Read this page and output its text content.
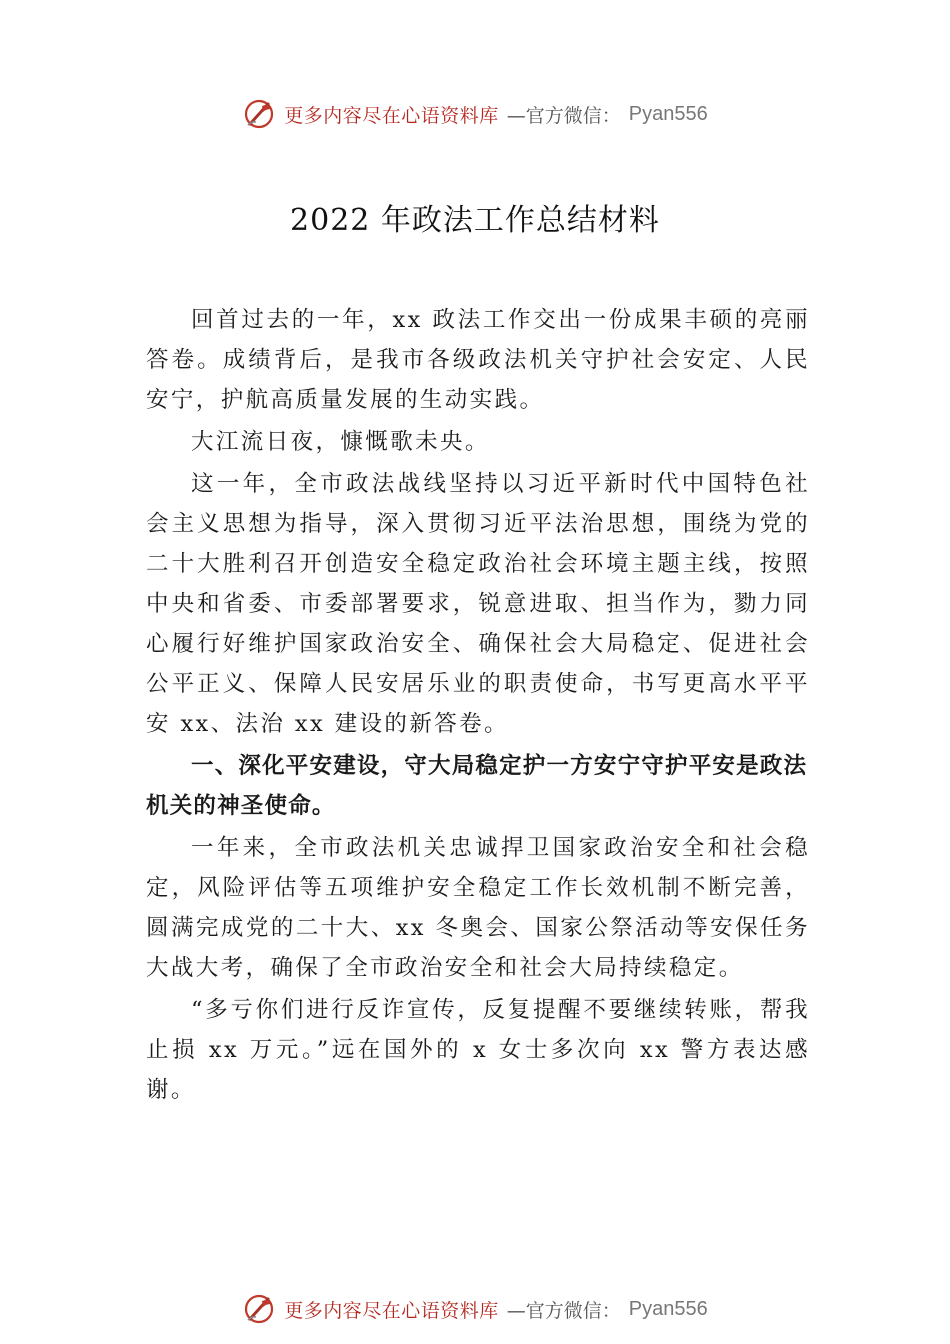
更多内容尽在心语资料库 —官方微信： Pyan556
2022 年政法工作总结材料

回首过去的一年，xx 政法工作交出一份成果丰硕的亮丽答卷。成绩背后，是我市各级政法机关守护社会安定、人民安宁，护航高质量发展的生动实践。

大江流日夜，慷慨歌未央。

这一年，全市政法战线坚持以习近平新时代中国特色社会主义思想为指导，深入贯彻习近平法治思想，围绕为党的二十大胜利召开创造安全稳定政治社会环境主题主线，按照中央和省委、市委部署要求，锐意进取、担当作为，勠力同心履行好维护国家政治安全、确保社会大局稳定、促进社会公平正义、保障人民安居乐业的职责使命，书写更高水平平安 xx、法治 xx 建设的新答卷。

一、深化平安建设，守大局稳定护一方安宁守护平安是政法机关的神圣使命。

一年来，全市政法机关忠诚捍卫国家政治安全和社会稳定，风险评估等五项维护安全稳定工作长效机制不断完善， 圆满完成党的二十大、xx 冬奥会、国家公祭活动等安保任务大战大考，确保了全市政治安全和社会大局持续稳定。

“多亏你们进行反诈宣传，反复提醒不要继续转账，帮我止损 xx 万元。”远在国外的 x 女士多次向 xx 警方表达感谢。

更多内容尽在心语资料库 —官方微信： Pyan556
